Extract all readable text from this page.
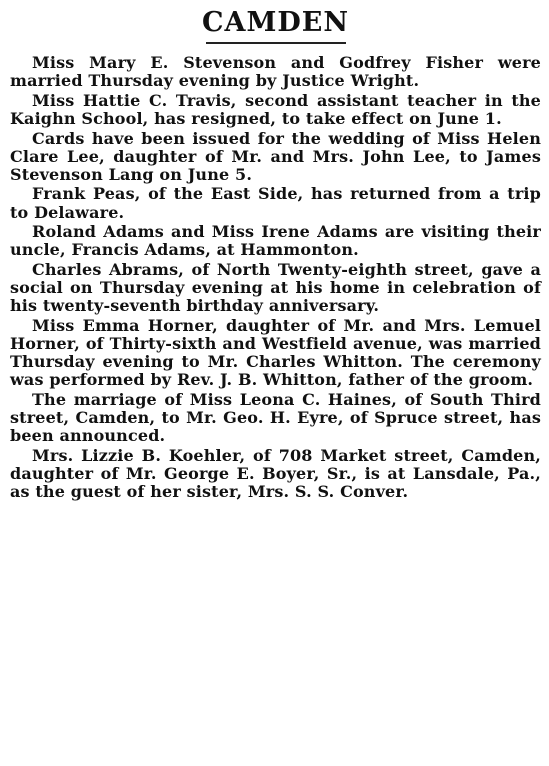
CAMDEN

Miss Mary E. Stevenson and Godfrey Fisher were married Thursday evening by Justice Wright.

Miss Hattie C. Travis, second assistant teacher in the Kaighn School, has resigned, to take effect on June 1.

Cards have been issued for the wedding of Miss Helen Clare Lee, daughter of Mr. and Mrs. John Lee, to James Stevenson Lang on June 5.

Frank Peas, of the East Side, has returned from a trip to Delaware.

Roland Adams and Miss Irene Adams are visiting their uncle, Francis Adams, at Hammonton.

Charles Abrams, of North Twenty-eighth street, gave a social on Thursday evening at his home in celebration of his twenty-seventh birthday anniversary.

Miss Emma Horner, daughter of Mr. and Mrs. Lemuel Horner, of Thirty-sixth and Westfield avenue, was married Thursday evening to Mr. Charles Whitton. The ceremony was performed by Rev. J. B. Whitton, father of the groom.

The marriage of Miss Leona C. Haines, of South Third street, Camden, to Mr. Geo. H. Eyre, of Spruce street, has been announced.

Mrs. Lizzie B. Koehler, of 708 Market street, Camden, daughter of Mr. George E. Boyer, Sr., is at Lansdale, Pa., as the guest of her sister, Mrs. S. S. Conver.
